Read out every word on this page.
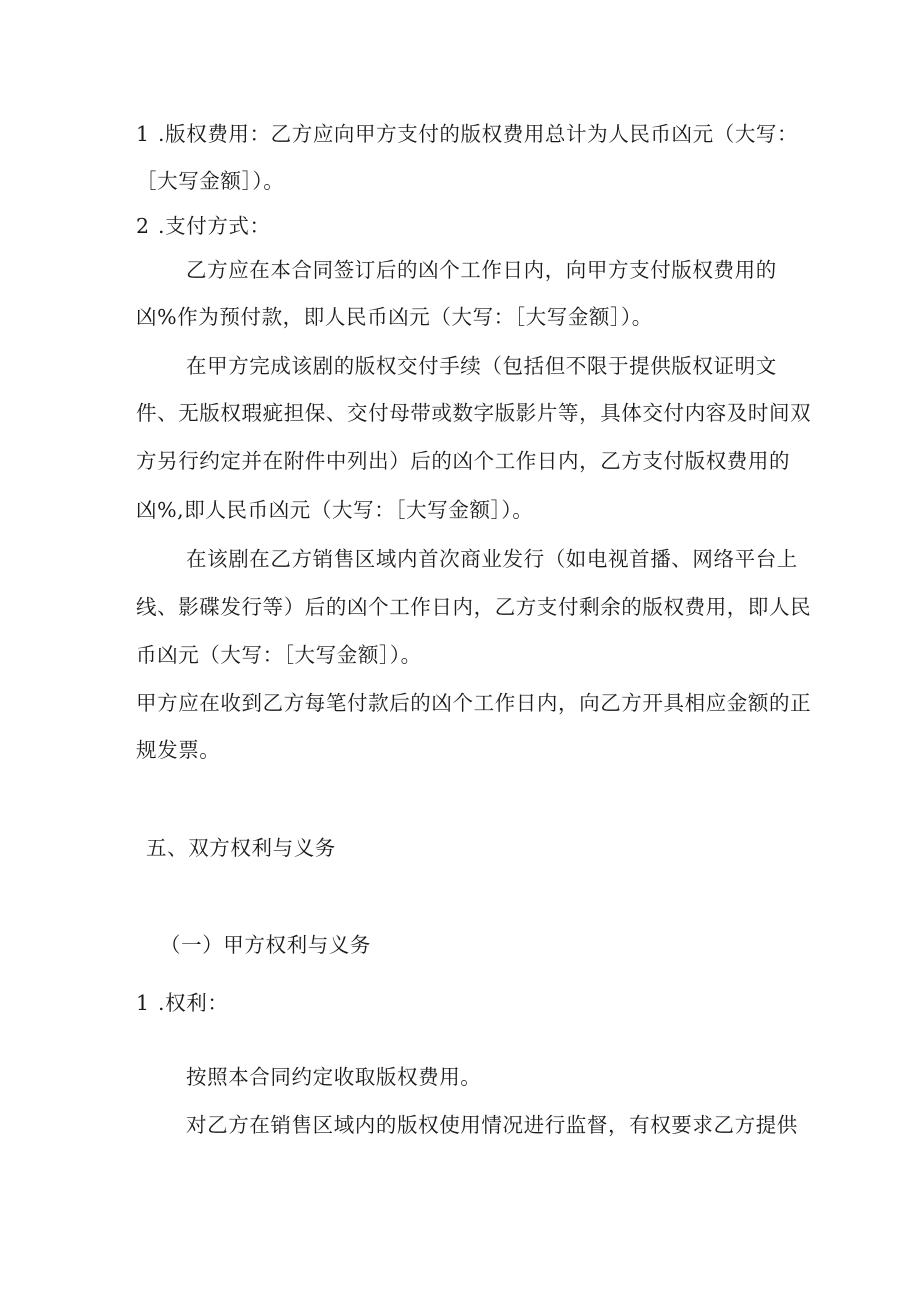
1 .版权费用：乙方应向甲方支付的版权费用总计为人民币凶元（大写：
［大写金额］）。
2 .支付方式：
乙方应在本合同签订后的凶个工作日内，向甲方支付版权费用的
凶%作为预付款，即人民币凶元（大写：［大写金额］）。
在甲方完成该剧的版权交付手续（包括但不限于提供版权证明文
件、无版权瑕疵担保、交付母带或数字版影片等，具体交付内容及时间双
方另行约定并在附件中列出）后的凶个工作日内，乙方支付版权费用的
凶%,即人民币凶元（大写：［大写金额］）。
在该剧在乙方销售区域内首次商业发行（如电视首播、网络平台上
线、影碟发行等）后的凶个工作日内，乙方支付剩余的版权费用，即人民
币凶元（大写：［大写金额］）。
甲方应在收到乙方每笔付款后的凶个工作日内，向乙方开具相应金额的正
规发票。
五、双方权利与义务
（一）甲方权利与义务
1 .权利：
按照本合同约定收取版权费用。
对乙方在销售区域内的版权使用情况进行监督，有权要求乙方提供
